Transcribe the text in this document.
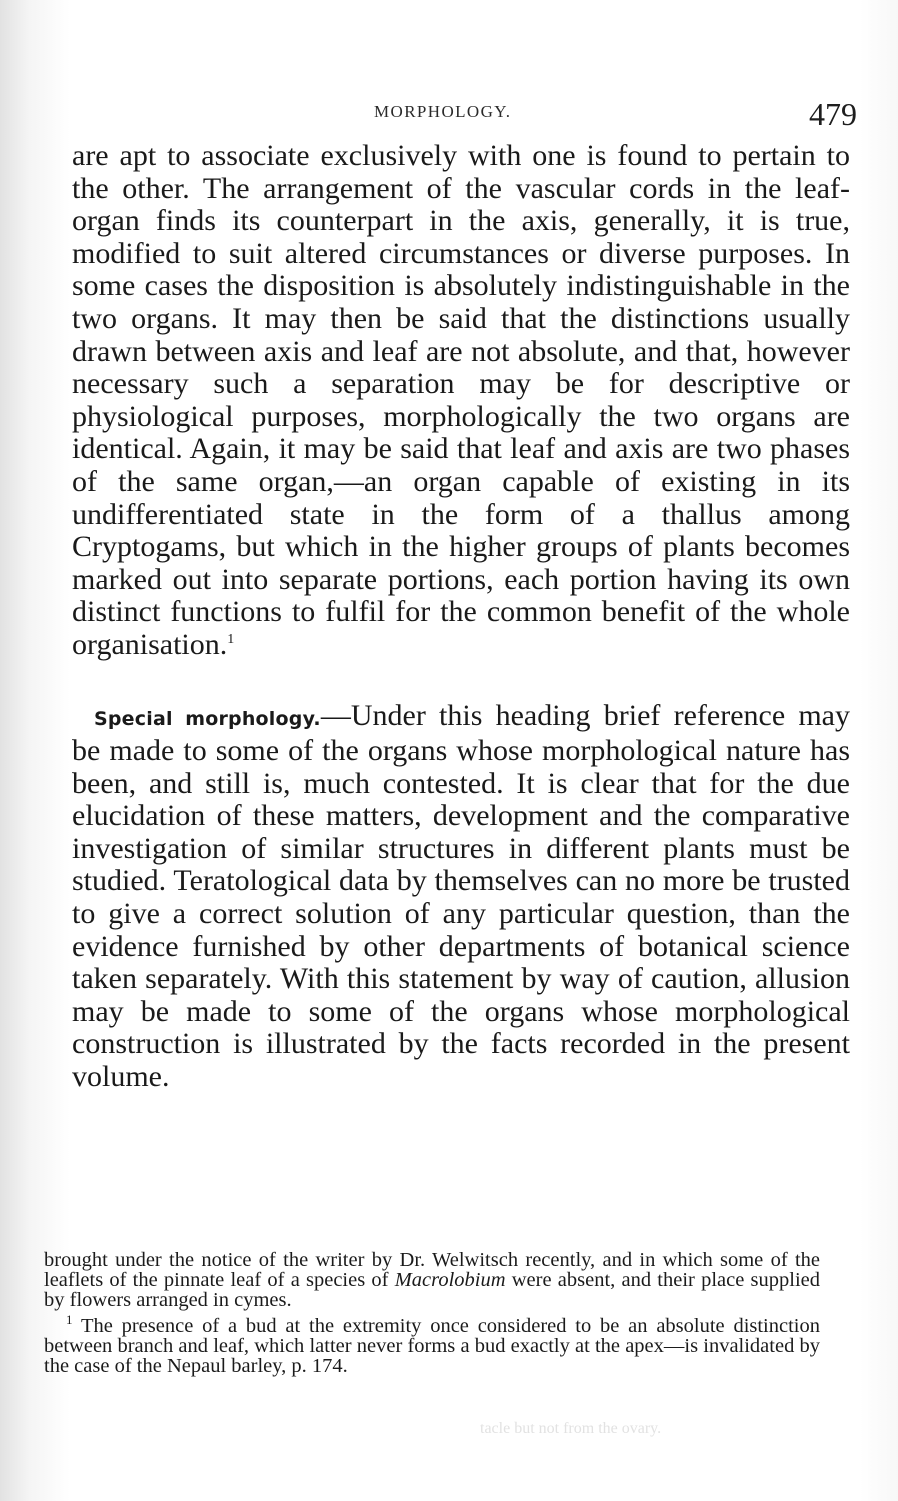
MORPHOLOGY.	479

are apt to associate exclusively with one is found to pertain to the other. The arrangement of the vascular cords in the leaf-organ finds its counterpart in the axis, generally, it is true, modified to suit altered circumstances or diverse purposes. In some cases the disposition is absolutely indistinguishable in the two organs. It may then be said that the distinctions usually drawn between axis and leaf are not absolute, and that, however necessary such a separation may be for descriptive or physiological purposes, morphologically the two organs are identical. Again, it may be said that leaf and axis are two phases of the same organ,—an organ capable of existing in its undifferentiated state in the form of a thallus among Cryptogams, but which in the higher groups of plants becomes marked out into separate portions, each portion having its own distinct functions to fulfil for the common benefit of the whole organisation.$^1$

Special morphology.—Under this heading brief reference may be made to some of the organs whose morphological nature has been, and still is, much contested. It is clear that for the due elucidation of these matters, development and the comparative investigation of similar structures in different plants must be studied. Teratological data by themselves can no more be trusted to give a correct solution of any particular question, than the evidence furnished by other departments of botanical science taken separately. With this statement by way of caution, allusion may be made to some of the organs whose morphological construction is illustrated by the facts recorded in the present volume.

brought under the notice of the writer by Dr. Welwitsch recently, and in which some of the leaflets of the pinnate leaf of a species of Macrolobium were absent, and their place supplied by flowers arranged in cymes.

$^1$ The presence of a bud at the extremity once considered to be an absolute distinction between branch and leaf, which latter never forms a bud exactly at the apex—is invalidated by the case of the Nepaul barley, p. 174.

tacle but not from the ovary.
